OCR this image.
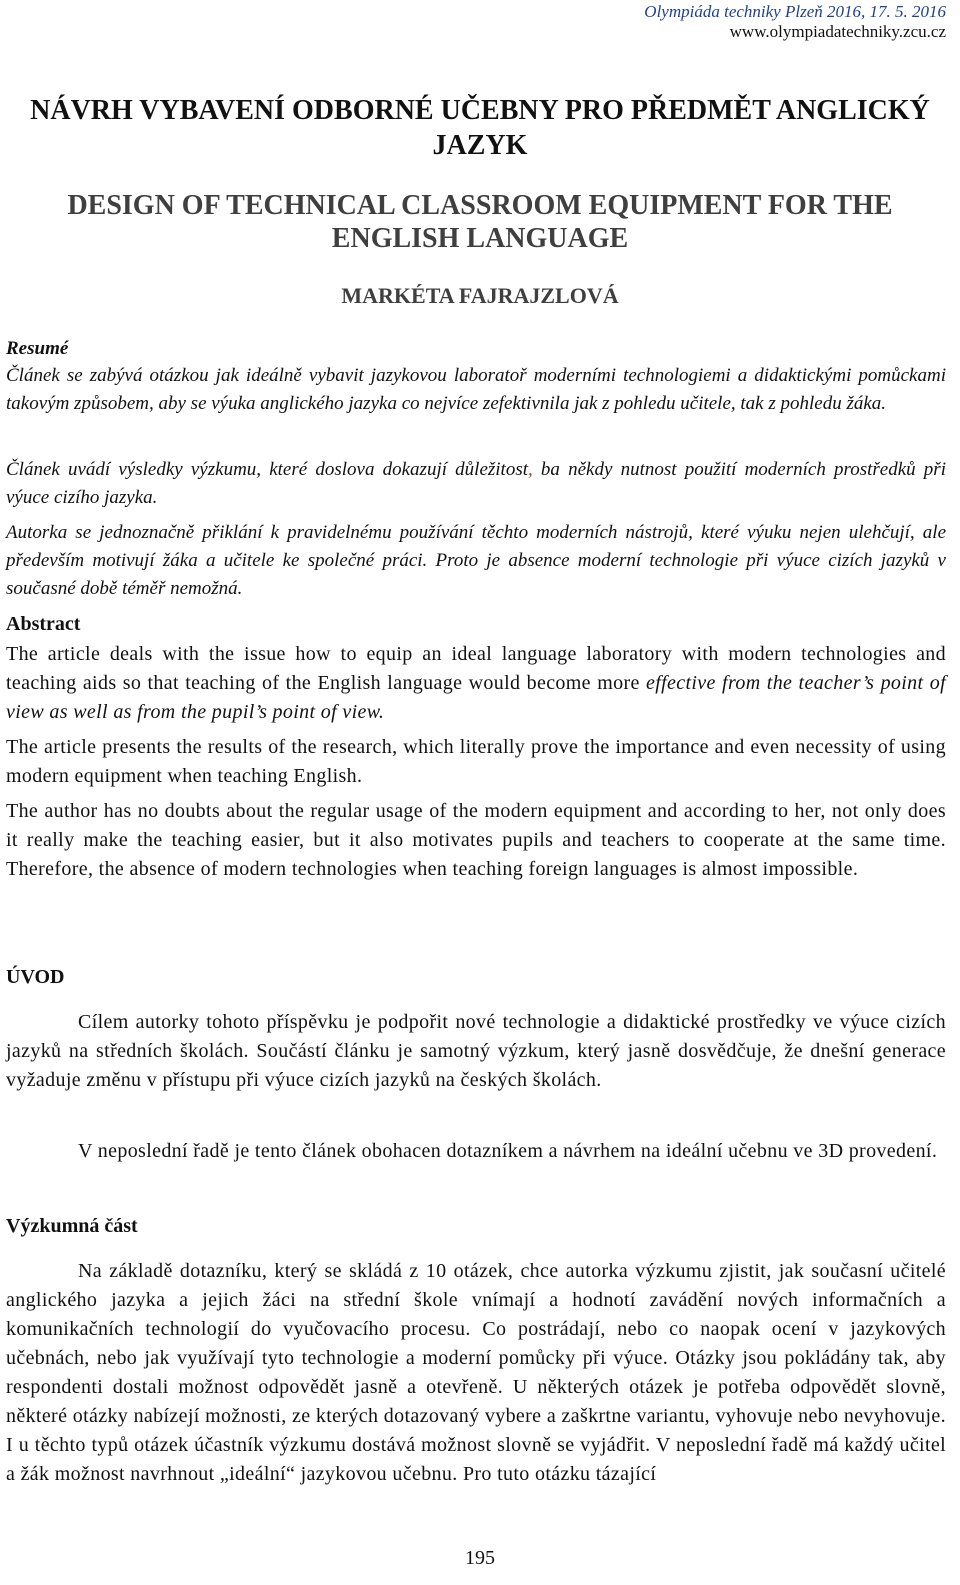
Olympiáda techniky Plzeň 2016, 17. 5. 2016
www.olympiadatechniky.zcu.cz
NÁVRH VYBAVENÍ ODBORNÉ UČEBNY PRO PŘEDMĚT ANGLICKÝ JAZYK
DESIGN OF TECHNICAL CLASSROOM EQUIPMENT FOR THE ENGLISH LANGUAGE
MARKÉTA FAJRAJZLOVÁ
Resumé
Článek se zabývá otázkou jak ideálně vybavit jazykovou laboratoř moderními technologiemi a didaktickými pomůckami takovým způsobem, aby se výuka anglického jazyka co nejvíce zefektivnila jak z pohledu učitele, tak z pohledu žáka.
Článek uvádí výsledky výzkumu, které doslova dokazují důležitost, ba někdy nutnost použití moderních prostředků při výuce cizího jazyka.
Autorka se jednoznačně přiklání k pravidelnému používání těchto moderních nástrojů, které výuku nejen ulehčují, ale především motivují žáka a učitele ke společné práci. Proto je absence moderní technologie při výuce cizích jazyků v současné době téměř nemožná.
Abstract
The article deals with the issue how to equip an ideal language laboratory with modern technologies and teaching aids so that teaching of the English language would become more effective from the teacher’s point of view as well as from the pupil’s point of view.
The article presents the results of the research, which literally prove the importance and even necessity of using modern equipment when teaching English.
The author has no doubts about the regular usage of the modern equipment and according to her, not only does it really make the teaching easier, but it also motivates pupils and teachers to cooperate at the same time. Therefore, the absence of modern technologies when teaching foreign languages is almost impossible.
ÚVOD
Cílem autorky tohoto příspěvku je podpořit nové technologie a didaktické prostředky ve výuce cizích jazyků na středních školách. Součástí článku je samotný výzkum, který jasně dosvědčuje, že dnešní generace vyžaduje změnu v přístupu při výuce cizích jazyků na českých školách.
V neposlední řadě je tento článek obohacen dotazníkem a návrhem na ideální učebnu ve 3D provedení.
Výzkumná část
Na základě dotazníku, který se skládá z 10 otázek, chce autorka výzkumu zjistit, jak současní učitelé anglického jazyka a jejich žáci na střední škole vnímají a hodnotí zavádění nových informačních a komunikačních technologií do vyučovacího procesu. Co postrádají, nebo co naopak ocení v jazykových učebnách, nebo jak využívají tyto technologie a moderní pomůcky při výuce. Otázky jsou pokládány tak, aby respondenti dostali možnost odpovědět jasně a otevřeně. U některých otázek je potřeba odpovědět slovně, některé otázky nabízejí možnosti, ze kterých dotazovaný vybere a zaškrtne variantu, vyhovuje nebo nevyhovuje. I u těchto typů otázek účastník výzkumu dostává možnost slovně se vyjádřit. V neposlední řadě má každý učitel a žák možnost navrhnout „ideální“ jazykovou učebnu. Pro tuto otázku tázající
195
